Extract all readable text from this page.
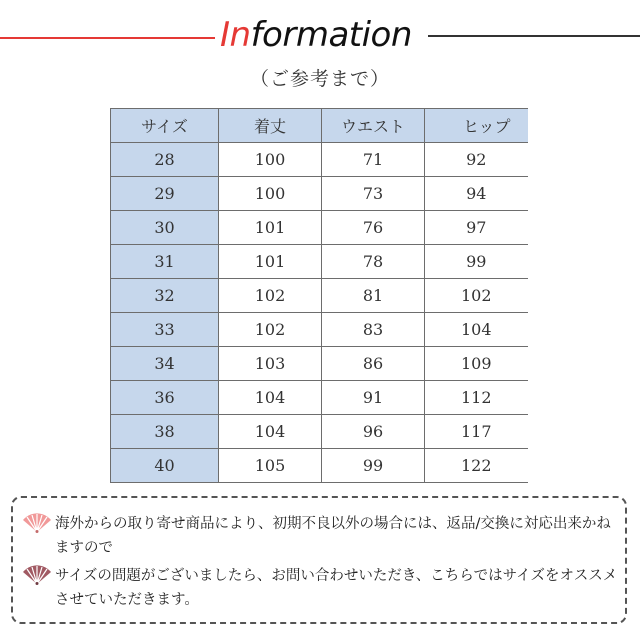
Information
（ご参考まで）
サイズ	着丈	ウエスト	ヒップ
28	100	71	92
29	100	73	94
30	101	76	97
31	101	78	99
32	102	81	102
33	102	83	104
34	103	86	109
36	104	91	112
38	104	96	117
40	105	99	122
海外からの取り寄せ商品により、初期不良以外の場合には、返品/交換に対応出来かねますので
サイズの問題がございましたら、お問い合わせいただき、こちらではサイズをオススメさせていただきます。
